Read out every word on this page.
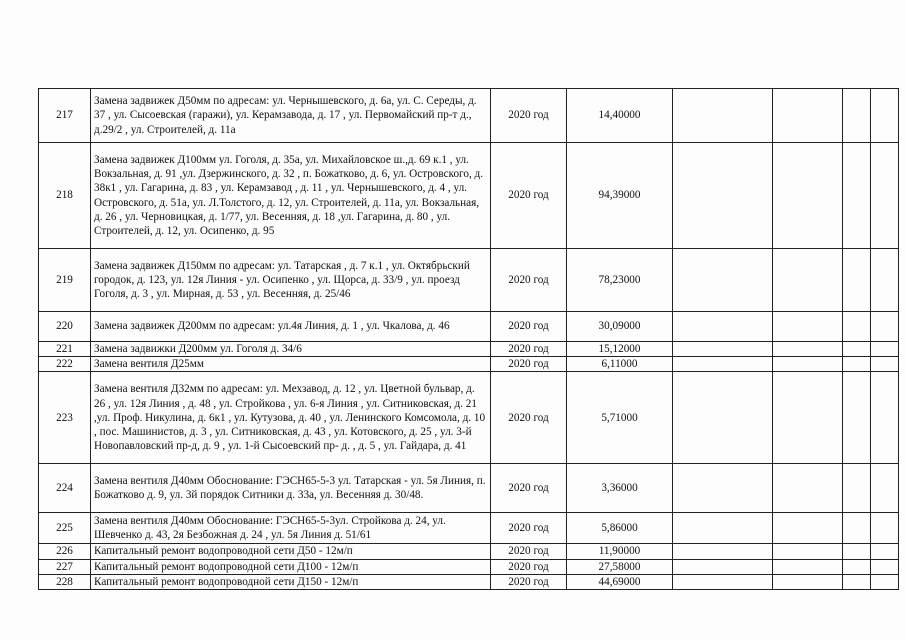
217	Замена задвижек Д50мм по адресам: ул. Чернышевского, д. 6а, ул. С. Середы, д. 37 , ул. Сысоевская (гаражи), ул. Керамзавода, д. 17 , ул. Первомайский пр-т д., д.29/2 , ул. Строителей, д. 11а	2020 год	14,40000				
218	Замена задвижек Д100мм ул. Гоголя, д. 35а, ул. Михайловское ш.,д. 69 к.1 , ул. Вокзальная, д. 91 ,ул. Дзержинского, д. 32 , п. Божатково, д. 6, ул. Островского, д. 38к1 , ул. Гагарина, д. 83 , ул. Керамзавод , д. 11 , ул. Чернышевского, д. 4 , ул. Островского, д. 51а, ул. Л.Толстого, д. 12, ул. Строителей, д. 11а, ул. Вокзальная, д. 26 , ул. Черновицкая, д. 1/77, ул. Весенняя, д. 18 ,ул. Гагарина, д. 80 , ул. Строителей, д. 12, ул. Осипенко, д. 95	2020 год	94,39000				
219	Замена задвижек Д150мм по адресам: ул. Татарская , д. 7 к.1 , ул. Октябрьский городок, д. 123, ул. 12я Линия - ул. Осипенко , ул. Щорса, д. 33/9 , ул. проезд Гоголя, д. 3 , ул. Мирная, д. 53 , ул. Весенняя, д. 25/46	2020 год	78,23000				
220	Замена задвижек Д200мм по адресам: ул.4я Линия, д. 1 , ул. Чкалова, д. 46	2020 год	30,09000				
221	Замена задвижки Д200мм ул. Гоголя д. 34/6	2020 год	15,12000				
222	Замена вентиля Д25мм	2020 год	6,11000				
223	Замена вентиля Д32мм по адресам: ул. Мехзавод, д. 12 , ул. Цветной бульвар, д. 26 , ул. 12я Линия , д. 48 , ул. Стройкова , ул. 6-я Линия , ул. Ситниковская, д. 21 ,ул. Проф. Никулина, д. 6к1 , ул. Кутузова, д. 40 , ул. Ленинского Комсомола, д. 10 , пос. Машинистов, д. 3 , ул. Ситниковская, д. 43 , ул. Котовского, д. 25 , ул. 3-й Новопавловский пр-д, д. 9 , ул. 1-й Сысоевский пр- д. , д. 5 , ул. Гайдара, д. 41	2020 год	5,71000				
224	Замена вентиля Д40мм Обоснование: ГЭСН65-5-3 ул. Татарская - ул. 5я Линия, п. Божатково д. 9, ул. 3й порядок Ситники д. 33а, ул. Весенняя д. 30/48.	2020 год	3,36000				
225	Замена вентиля Д40мм Обоснование: ГЭСН65-5-3ул. Стройкова д. 24, ул. Шевченко д. 43, 2я Безбожная д. 24 , ул. 5я Линия д. 51/61	2020 год	5,86000				
226	Капитальный ремонт водопроводной сети Д50 - 12м/п	2020 год	11,90000				
227	Капитальный ремонт водопроводной сети Д100 - 12м/п	2020 год	27,58000				
228	Капитальный ремонт водопроводной сети Д150 - 12м/п	2020 год	44,69000				
